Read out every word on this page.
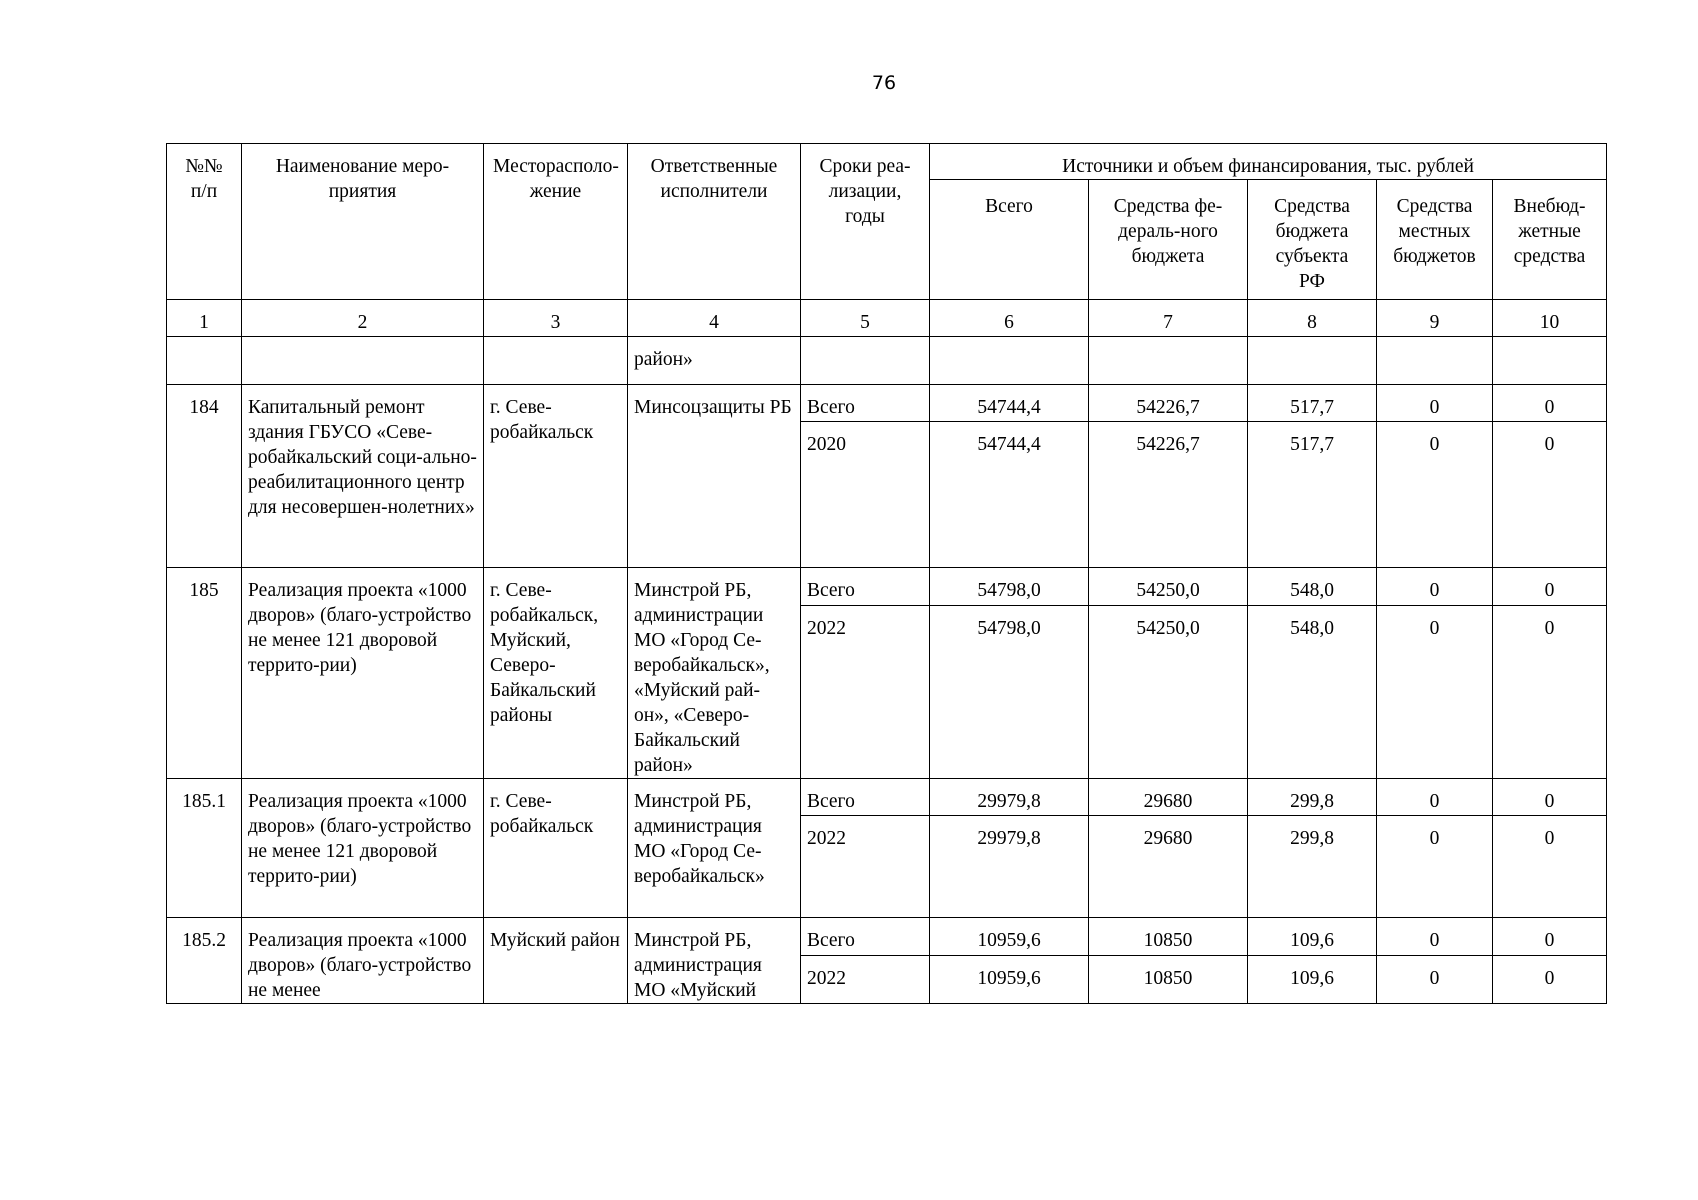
76
№№ п/п	Наименование меро-приятия	Месторасполо-жение	Ответственные исполнители	Сроки реа-лизации, годы	Источники и объем финансирования, тыс. рублей				
					Всего	Средства фе-дераль-ного бюджета	Средства бюджета субъекта РФ	Средства местных бюджетов	Внебюд-жетные средства

1	2	3	4	5	6	7	8	9	10
			район»						
184	Капитальный ремонт здания ГБУСО «Севе-робайкальский соци-ально-реабилитационного центр для несовершен-нолетних»	г. Севе-робайкальск	Минсоцзащиты РБ	Всего	54744,4	54226,7	517,7	0	0
				2020	54744,4	54226,7	517,7	0	0
185	Реализация проекта «1000 дворов» (благо-устройство не менее 121 дворовой террито-рии)	г. Севе-робайкальск, Муйский, Северо-Байкальский районы	Минстрой РБ, администрации МО «Город Се-веробайкальск», «Муйский рай-он», «Северо-Байкальский район»	Всего	54798,0	54250,0	548,0	0	0
				2022	54798,0	54250,0	548,0	0	0
185.1	Реализация проекта «1000 дворов» (благо-устройство не менее 121 дворовой террито-рии)	г. Севе-робайкальск	Минстрой РБ, администрация МО «Город Се-веробайкальск»	Всего	29979,8	29680	299,8	0	0
				2022	29979,8	29680	299,8	0	0
185.2	Реализация проекта «1000 дворов» (благо-устройство не менее	Муйский район	Минстрой РБ, администрация МО «Муйский	Всего	10959,6	10850	109,6	0	0
				2022	10959,6	10850	109,6	0	0
